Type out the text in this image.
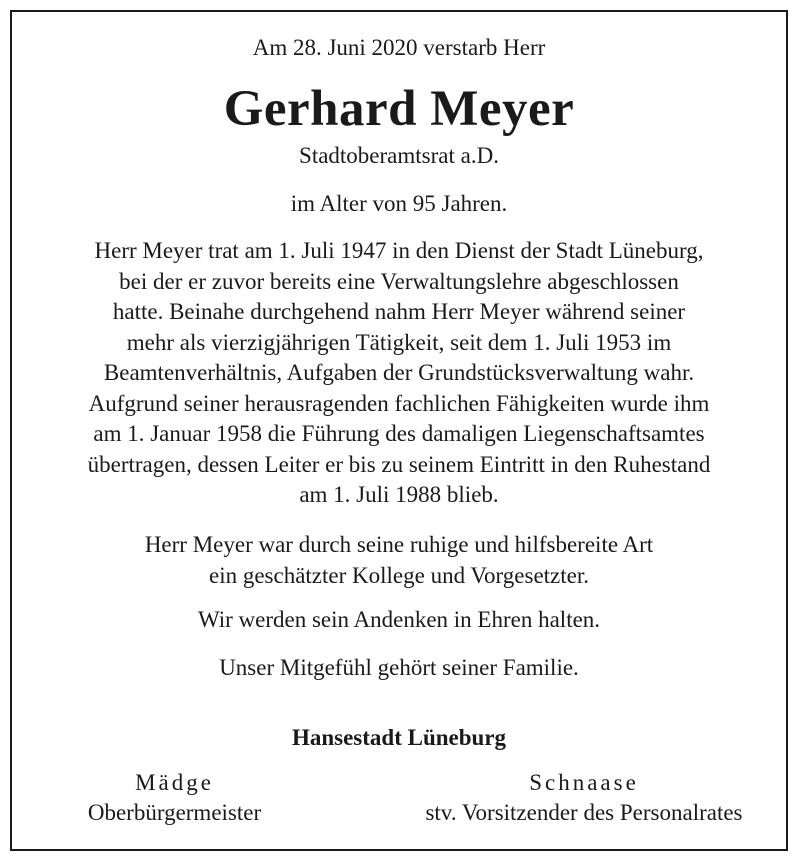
Am 28. Juni 2020 verstarb Herr
Gerhard Meyer
Stadtoberamtsrat a.D.
im Alter von 95 Jahren.
Herr Meyer trat am 1. Juli 1947 in den Dienst der Stadt Lüneburg,
bei der er zuvor bereits eine Verwaltungslehre abgeschlossen
hatte. Beinahe durchgehend nahm Herr Meyer während seiner
mehr als vierzigjährigen Tätigkeit, seit dem 1. Juli 1953 im
Beamtenverhältnis, Aufgaben der Grundstücksverwaltung wahr.
Aufgrund seiner herausragenden fachlichen Fähigkeiten wurde ihm
am 1. Januar 1958 die Führung des damaligen Liegenschaftsamtes
übertragen, dessen Leiter er bis zu seinem Eintritt in den Ruhestand
am 1. Juli 1988 blieb.
Herr Meyer war durch seine ruhige und hilfsbereite Art
ein geschätzter Kollege und Vorgesetzter.
Wir werden sein Andenken in Ehren halten.
Unser Mitgefühl gehört seiner Familie.
Hansestadt Lüneburg
Mädge
Oberbürgermeister
Schnaase
stv. Vorsitzender des Personalrates
